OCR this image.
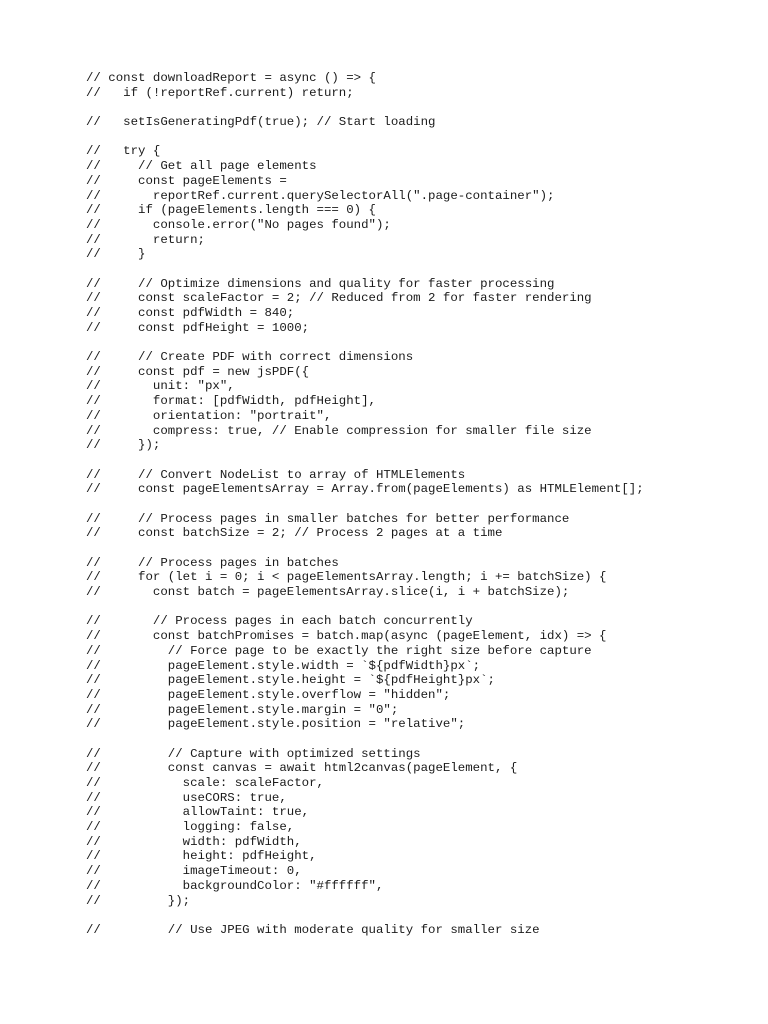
// const downloadReport = async () => {
//   if (!reportRef.current) return;
//   setIsGeneratingPdf(true); // Start loading
//   try {
//     // Get all page elements
//     const pageElements =
//       reportRef.current.querySelectorAll(".page-container");
//     if (pageElements.length === 0) {
//       console.error("No pages found");
//       return;
//     }
//     // Optimize dimensions and quality for faster processing
//     const scaleFactor = 2; // Reduced from 2 for faster rendering
//     const pdfWidth = 840;
//     const pdfHeight = 1000;
//     // Create PDF with correct dimensions
//     const pdf = new jsPDF({
//       unit: "px",
//       format: [pdfWidth, pdfHeight],
//       orientation: "portrait",
//       compress: true, // Enable compression for smaller file size
//     });
//     // Convert NodeList to array of HTMLElements
//     const pageElementsArray = Array.from(pageElements) as HTMLElement[];
//     // Process pages in smaller batches for better performance
//     const batchSize = 2; // Process 2 pages at a time
//     // Process pages in batches
//     for (let i = 0; i < pageElementsArray.length; i += batchSize) {
//       const batch = pageElementsArray.slice(i, i + batchSize);
//       // Process pages in each batch concurrently
//       const batchPromises = batch.map(async (pageElement, idx) => {
//         // Force page to be exactly the right size before capture
//         pageElement.style.width = `${pdfWidth}px`;
//         pageElement.style.height = `${pdfHeight}px`;
//         pageElement.style.overflow = "hidden";
//         pageElement.style.margin = "0";
//         pageElement.style.position = "relative";
//         // Capture with optimized settings
//         const canvas = await html2canvas(pageElement, {
//           scale: scaleFactor,
//           useCORS: true,
//           allowTaint: true,
//           logging: false,
//           width: pdfWidth,
//           height: pdfHeight,
//           imageTimeout: 0,
//           backgroundColor: "#ffffff",
//         });
//         // Use JPEG with moderate quality for smaller size
